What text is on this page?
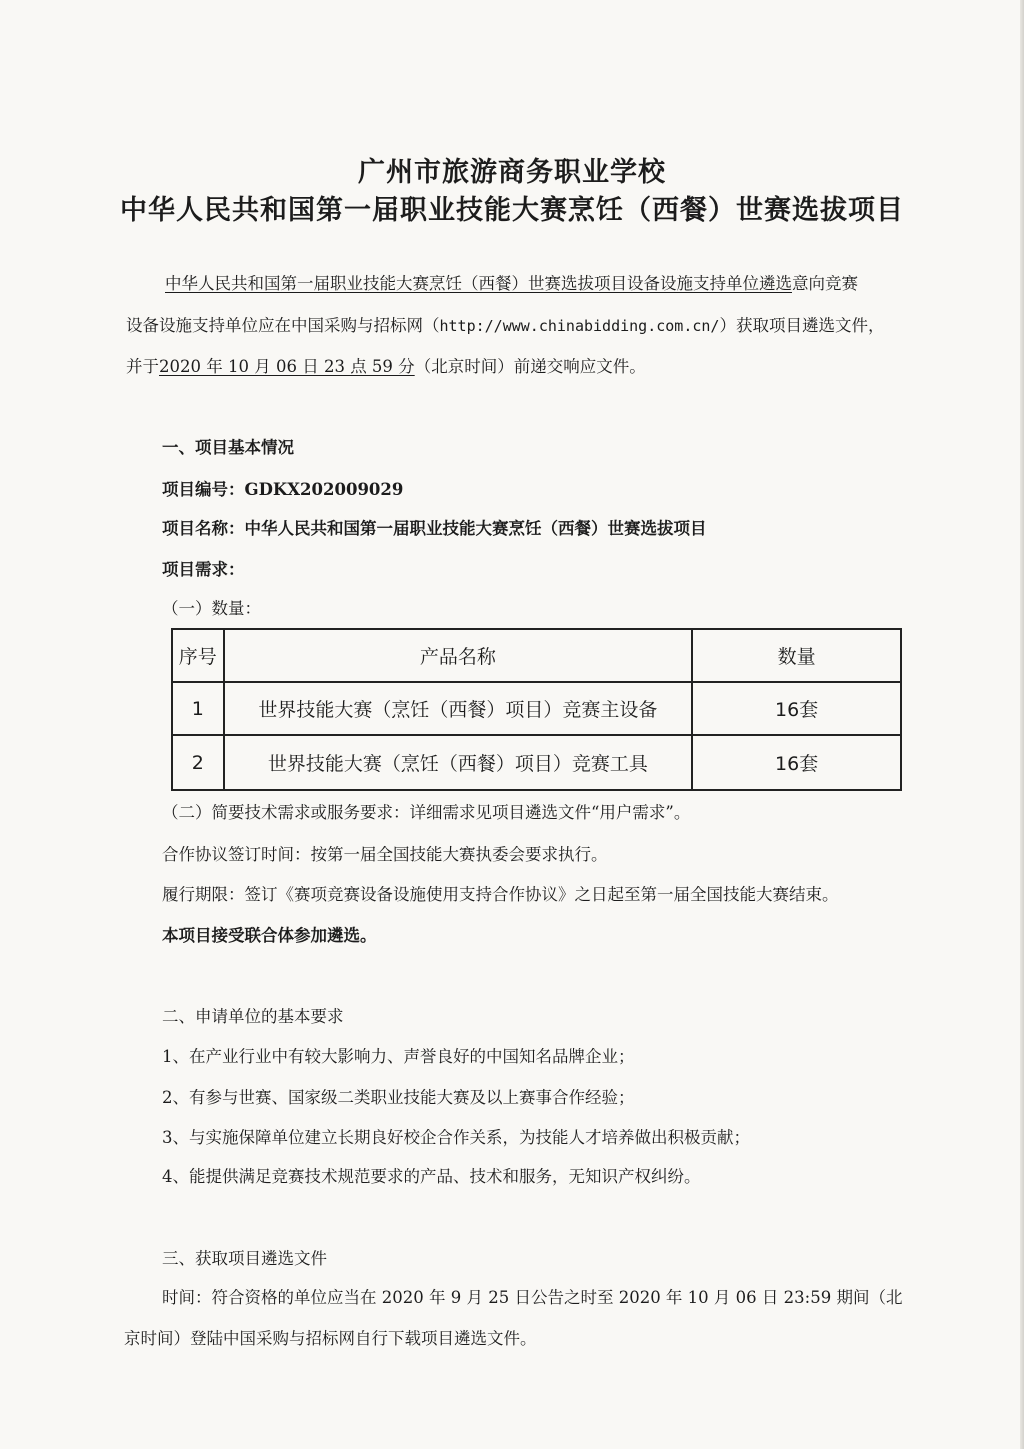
广州市旅游商务职业学校
中华人民共和国第一届职业技能大赛烹饪（西餐）世赛选拔项目
中华人民共和国第一届职业技能大赛烹饪（西餐）世赛选拔项目设备设施支持单位遴选意向竞赛
设备设施支持单位应在中国采购与招标网（http://www.chinabidding.com.cn/）获取项目遴选文件，
并于2020 年 10 月 06 日 23 点 59 分（北京时间）前递交响应文件。
一、项目基本情况
项目编号：GDKX202009029
项目名称：中华人民共和国第一届职业技能大赛烹饪（西餐）世赛选拔项目
项目需求：
（一）数量：
序号	产品名称	数量
1	世界技能大赛（烹饪（西餐）项目）竞赛主设备	16套
2	世界技能大赛（烹饪（西餐）项目）竞赛工具	16套
（二）简要技术需求或服务要求：详细需求见项目遴选文件“用户需求”。
合作协议签订时间：按第一届全国技能大赛执委会要求执行。
履行期限：签订《赛项竞赛设备设施使用支持合作协议》之日起至第一届全国技能大赛结束。
本项目接受联合体参加遴选。
二、申请单位的基本要求
1、在产业行业中有较大影响力、声誉良好的中国知名品牌企业；
2、有参与世赛、国家级二类职业技能大赛及以上赛事合作经验；
3、与实施保障单位建立长期良好校企合作关系，为技能人才培养做出积极贡献；
4、能提供满足竞赛技术规范要求的产品、技术和服务，无知识产权纠纷。
三、获取项目遴选文件
时间：符合资格的单位应当在 2020 年 9 月 25 日公告之时至 2020 年 10 月 06 日 23:59 期间（北
京时间）登陆中国采购与招标网自行下载项目遴选文件。
